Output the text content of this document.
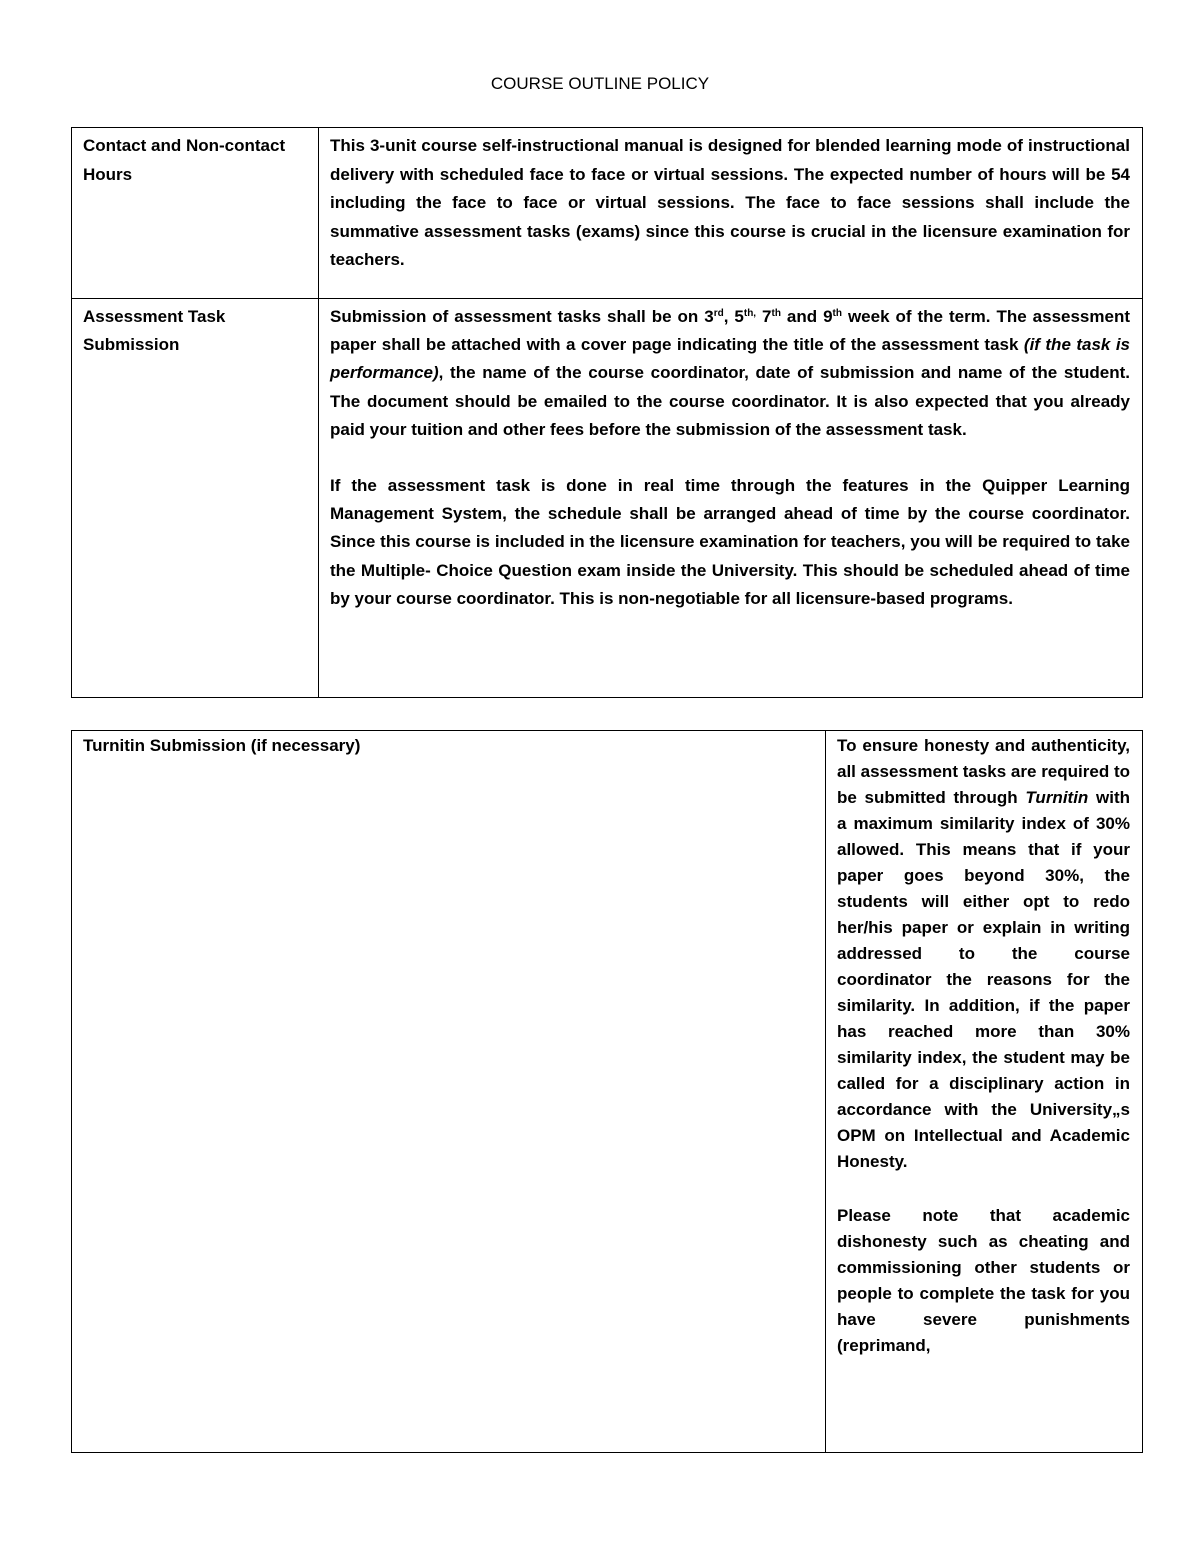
COURSE OUTLINE POLICY
Contact and Non-contact Hours	This 3-unit course self-instructional manual is designed for blended learning mode of instructional delivery with scheduled face to face or virtual sessions. The expected number of hours will be 54 including the face to face or virtual sessions. The face to face sessions shall include the summative assessment tasks (exams) since this course is crucial in the licensure examination for teachers.
Assessment Task Submission	Submission of assessment tasks shall be on 3rd, $5^{th,}$ 7th and 9th week of the term. The assessment paper shall be attached with a cover page indicating the title of the assessment task (if the task is performance), the name of the course coordinator, date of submission and name of the student. The document should be emailed to the course coordinator. It is also expected that you already paid your tuition and other fees before the submission of the assessment task.
If the assessment task is done in real time through the features in the Quipper Learning Management System, the schedule shall be arranged ahead of time by the course coordinator. Since this course is included in the licensure examination for teachers, you will be required to take the Multiple- Choice Question exam inside the University. This should be scheduled ahead of time by your course coordinator. This is non-negotiable for all licensure-based programs.
Turnitin Submission (if necessary)	To ensure honesty and authenticity, all assessment tasks are required to be submitted through Turnitin with a maximum similarity index of 30% allowed. This means that if your paper goes beyond 30%, the students will either opt to redo her/his paper or explain in writing addressed to the course coordinator the reasons for the similarity. In addition, if the paper has reached more than 30% similarity index, the student may be called for a disciplinary action in accordance with the University„s OPM on Intellectual and Academic Honesty.
Please note that academic dishonesty such as cheating and commissioning other students or people to complete the task for you have severe punishments (reprimand,
